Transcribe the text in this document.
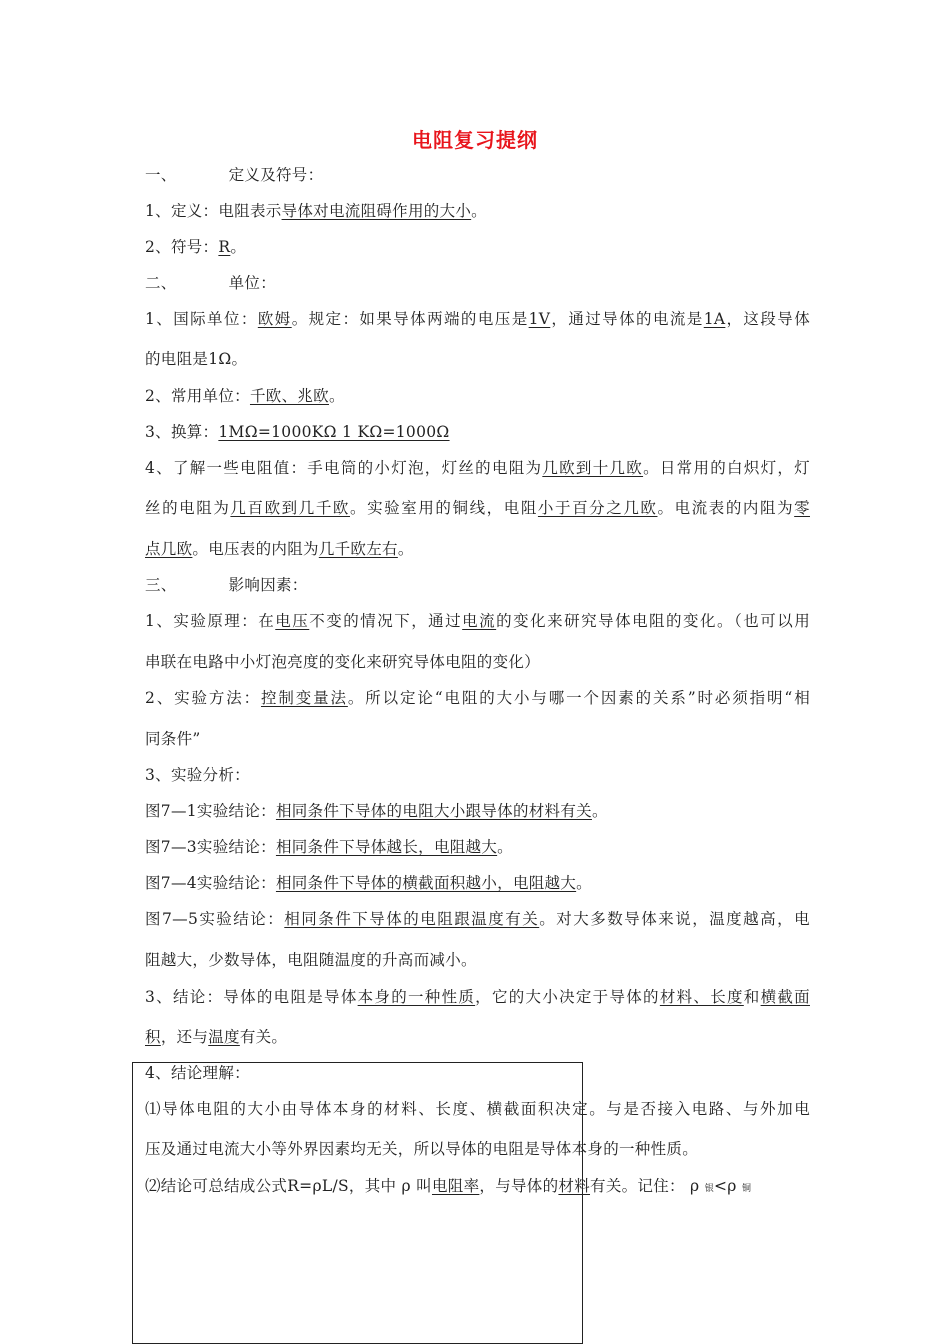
电阻复习提纲
一、	定义及符号：
1、定义：电阻表示导体对电流阻碍作用的大小。
2、符号：R。
二、	单位：
1、国际单位：欧姆。规定：如果导体两端的电压是1V，通过导体的电流是1A，这段导体
的电阻是1Ω。
2、常用单位：千欧、兆欧。
3、换算：1MΩ=1000KΩ 1 KΩ=1000Ω
4、了解一些电阻值：手电筒的小灯泡，灯丝的电阻为几欧到十几欧。日常用的白炽灯，灯
丝的电阻为几百欧到几千欧。实验室用的铜线，电阻小于百分之几欧。电流表的内阻为零
点几欧。电压表的内阻为几千欧左右。
三、	影响因素：
1、实验原理：在电压不变的情况下，通过电流的变化来研究导体电阻的变化。（也可以用
串联在电路中小灯泡亮度的变化来研究导体电阻的变化）
2、实验方法：控制变量法。所以定论“电阻的大小与哪一个因素的关系”时必须指明“相
同条件”
3、实验分析：
图7—1实验结论：相同条件下导体的电阻大小跟导体的材料有关。
图7—3实验结论：相同条件下导体越长，电阻越大。
图7—4实验结论：相同条件下导体的横截面积越小，电阻越大。
图7—5实验结论：相同条件下导体的电阻跟温度有关。对大多数导体来说，温度越高，电
阻越大，少数导体，电阻随温度的升高而减小。
3、结论：导体的电阻是导体本身的一种性质，它的大小决定于导体的材料、长度和横截面
积，还与温度有关。
4、结论理解：
⑴导体电阻的大小由导体本身的材料、长度、横截面积决定。与是否接入电路、与外加电
压及通过电流大小等外界因素均无关，所以导体的电阻是导体本身的一种性质。
⑵结论可总结成公式R=ρL/S，其中 ρ 叫电阻率，与导体的材料有关。记住： ρ 银<ρ 铜
